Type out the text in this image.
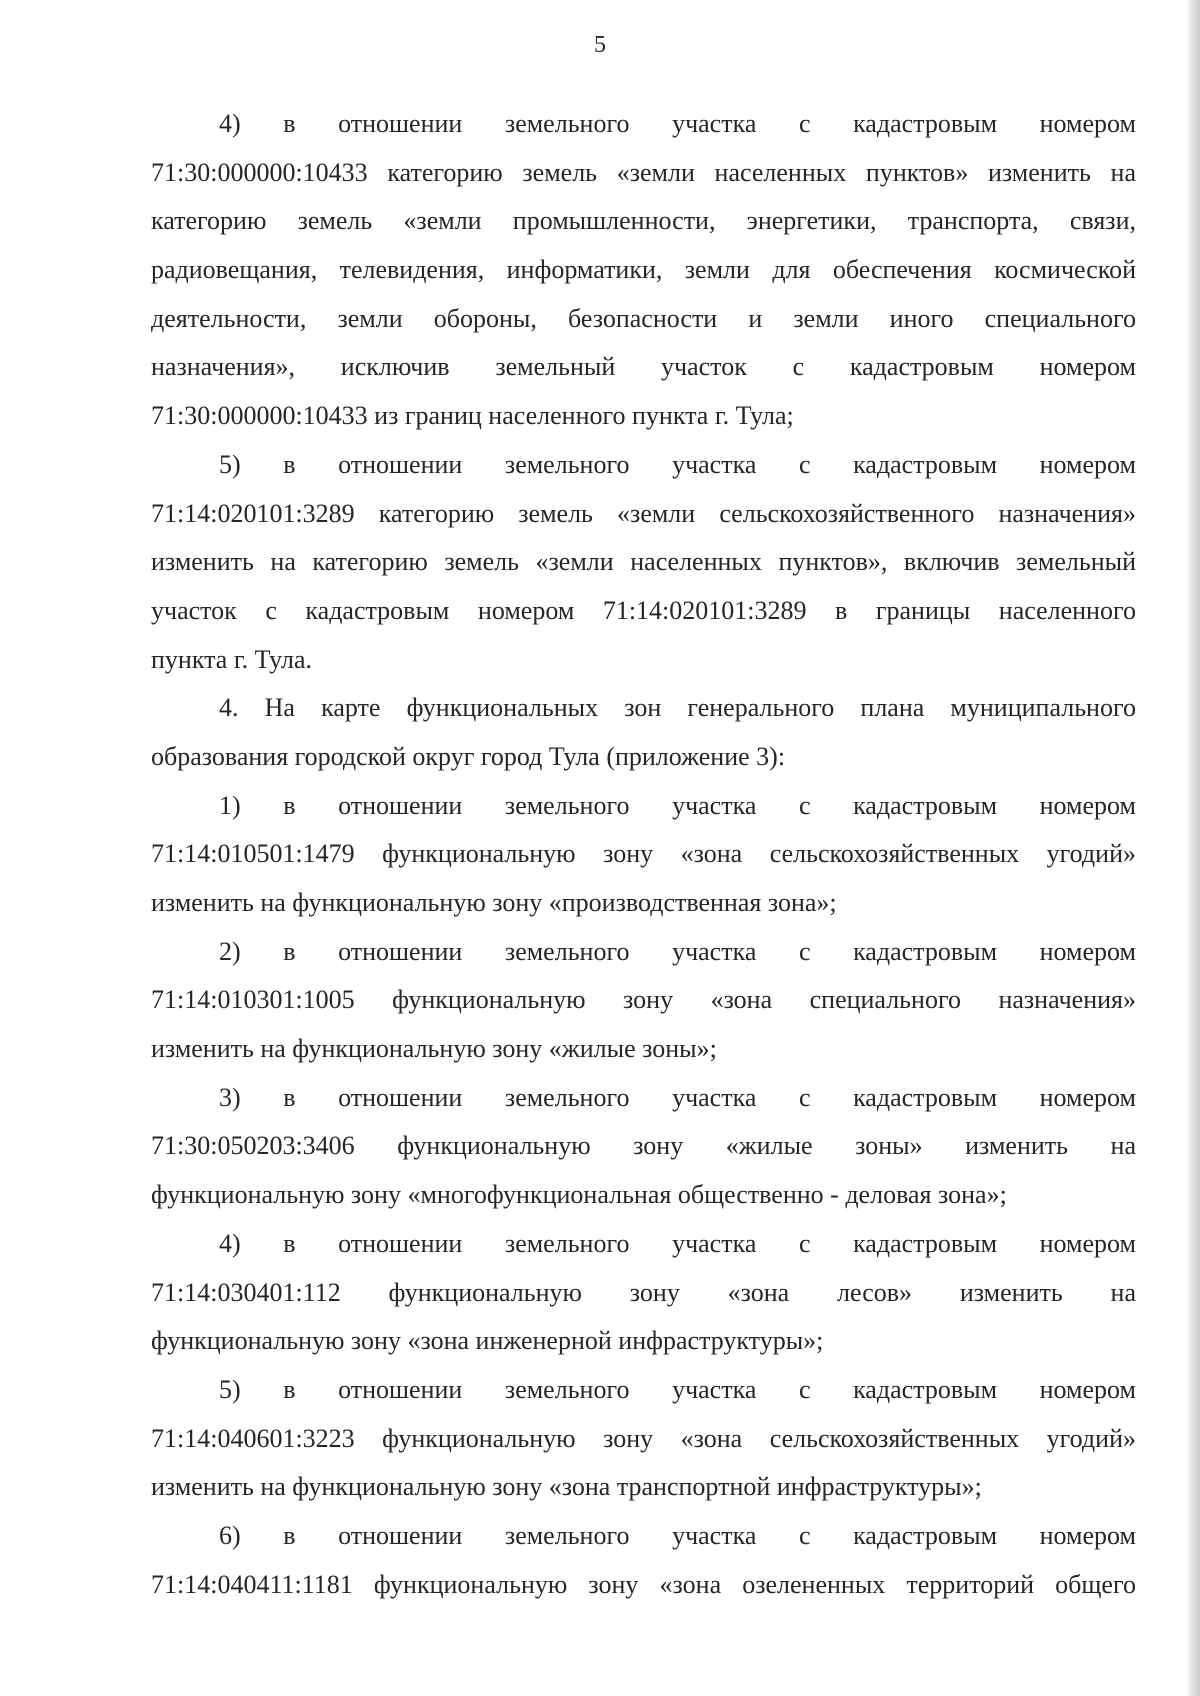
5
4) в отношении земельного участка с кадастровым номером
71:30:000000:10433 категорию земель «земли населенных пунктов» изменить на
категорию земель «земли промышленности, энергетики, транспорта, связи,
радиовещания, телевидения, информатики, земли для обеспечения космической
деятельности, земли обороны, безопасности и земли иного специального
назначения», исключив земельный участок с кадастровым номером
71:30:000000:10433 из границ населенного пункта г. Тула;
5) в отношении земельного участка с кадастровым номером
71:14:020101:3289 категорию земель «земли сельскохозяйственного назначения»
изменить на категорию земель «земли населенных пунктов», включив земельный
участок с кадастровым номером 71:14:020101:3289 в границы населенного
пункта г. Тула.
4. На карте функциональных зон генерального плана муниципального
образования городской округ город Тула (приложение 3):
1) в отношении земельного участка с кадастровым номером
71:14:010501:1479 функциональную зону «зона сельскохозяйственных угодий»
изменить на функциональную зону «производственная зона»;
2) в отношении земельного участка с кадастровым номером
71:14:010301:1005 функциональную зону «зона специального назначения»
изменить на функциональную зону «жилые зоны»;
3) в отношении земельного участка с кадастровым номером
71:30:050203:3406 функциональную зону «жилые зоны» изменить на
функциональную зону «многофункциональная общественно - деловая зона»;
4) в отношении земельного участка с кадастровым номером
71:14:030401:112 функциональную зону «зона лесов» изменить на
функциональную зону «зона инженерной инфраструктуры»;
5) в отношении земельного участка с кадастровым номером
71:14:040601:3223 функциональную зону «зона сельскохозяйственных угодий»
изменить на функциональную зону «зона транспортной инфраструктуры»;
6) в отношении земельного участка с кадастровым номером
71:14:040411:1181 функциональную зону «зона озелененных территорий общего
